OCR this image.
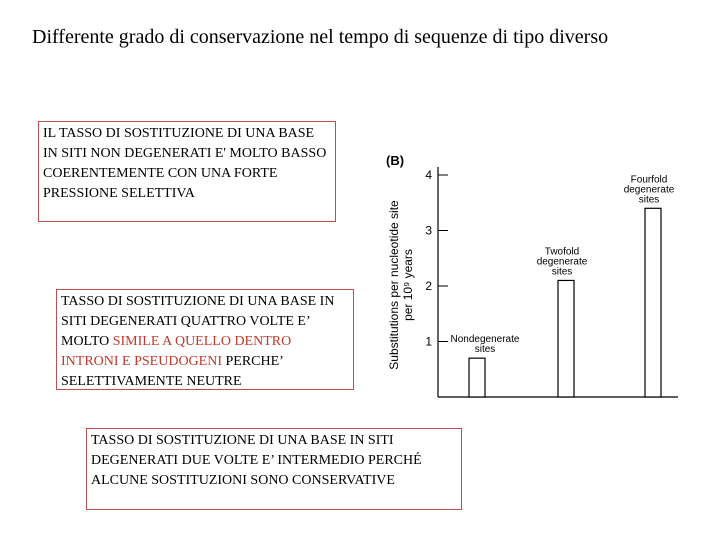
Differente grado di conservazione nel tempo di sequenze di tipo diverso
IL TASSO DI SOSTITUZIONE DI UNA BASE IN SITI NON DEGENERATI E' MOLTO BASSO COERENTEMENTE CON UNA FORTE PRESSIONE SELETTIVA
TASSO DI SOSTITUZIONE DI UNA BASE IN SITI DEGENERATI QUATTRO VOLTE E’ MOLTO SIMILE A QUELLO DENTRO INTRONI E PSEUDOGENI PERCHE’ SELETTIVAMENTE NEUTRE
TASSO DI SOSTITUZIONE DI UNA BASE IN SITI DEGENERATI DUE VOLTE E’ INTERMEDIO PERCHÉ ALCUNE SOSTITUZIONI SONO CONSERVATIVE
(B)
1
2
3
4
Substitutions per nucleotide site per 10⁹ years
Nondegenerate
sites
Twofold
degenerate
sites
Fourfold
degenerate
sites
